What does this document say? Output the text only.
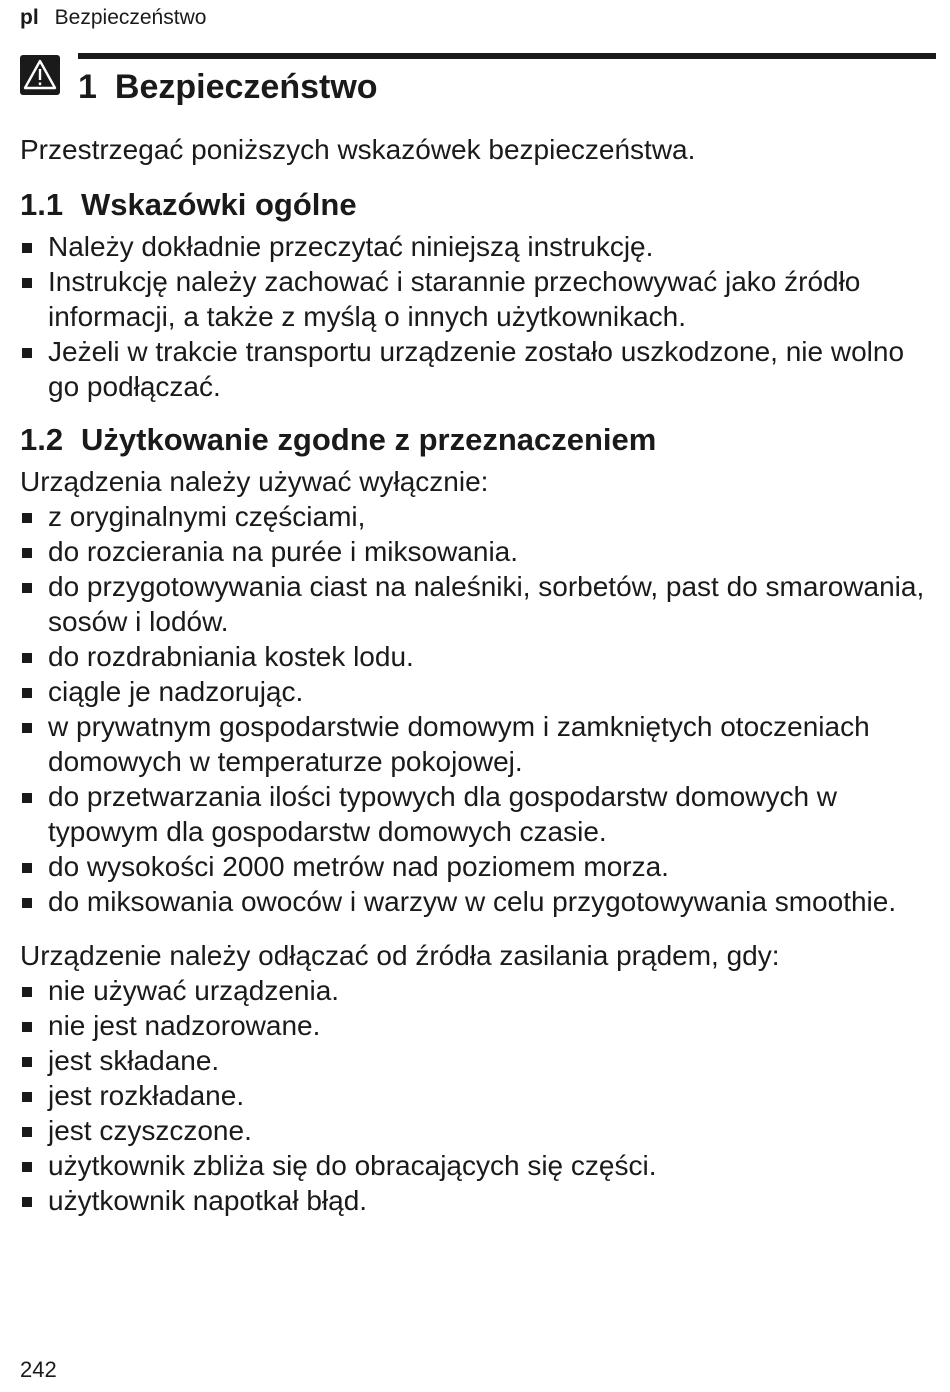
pl Bezpieczeństwo
1 Bezpieczeństwo

Przestrzegać poniższych wskazówek bezpieczeństwa.

1.1 Wskazówki ogólne
Należy dokładnie przeczytać niniejszą instrukcję.
Instrukcję należy zachować i starannie przechowywać jako źródło informacji, a także z myślą o innych użytkownikach.
Jeżeli w trakcie transportu urządzenie zostało uszkodzone, nie wolno go podłączać.
1.2 Użytkowanie zgodne z przeznaczeniem

Urządzenia należy używać wyłącznie:

z oryginalnymi częściami,
do rozcierania na purée i miksowania.
do przygotowywania ciast na naleśniki, sorbetów, past do smarowania, sosów i lodów.
do rozdrabniania kostek lodu.
ciągle je nadzorując.
w prywatnym gospodarstwie domowym i zamkniętych otoczeniach domowych w temperaturze pokojowej.
do przetwarzania ilości typowych dla gospodarstw domowych w typowym dla gospodarstw domowych czasie.
do wysokości 2000 metrów nad poziomem morza.
do miksowania owoców i warzyw w celu przygotowywania smoothie.

Urządzenie należy odłączać od źródła zasilania prądem, gdy:

nie używać urządzenia.
nie jest nadzorowane.
jest składane.
jest rozkładane.
jest czyszczone.
użytkownik zbliża się do obracających się części.
użytkownik napotkał błąd.
242
